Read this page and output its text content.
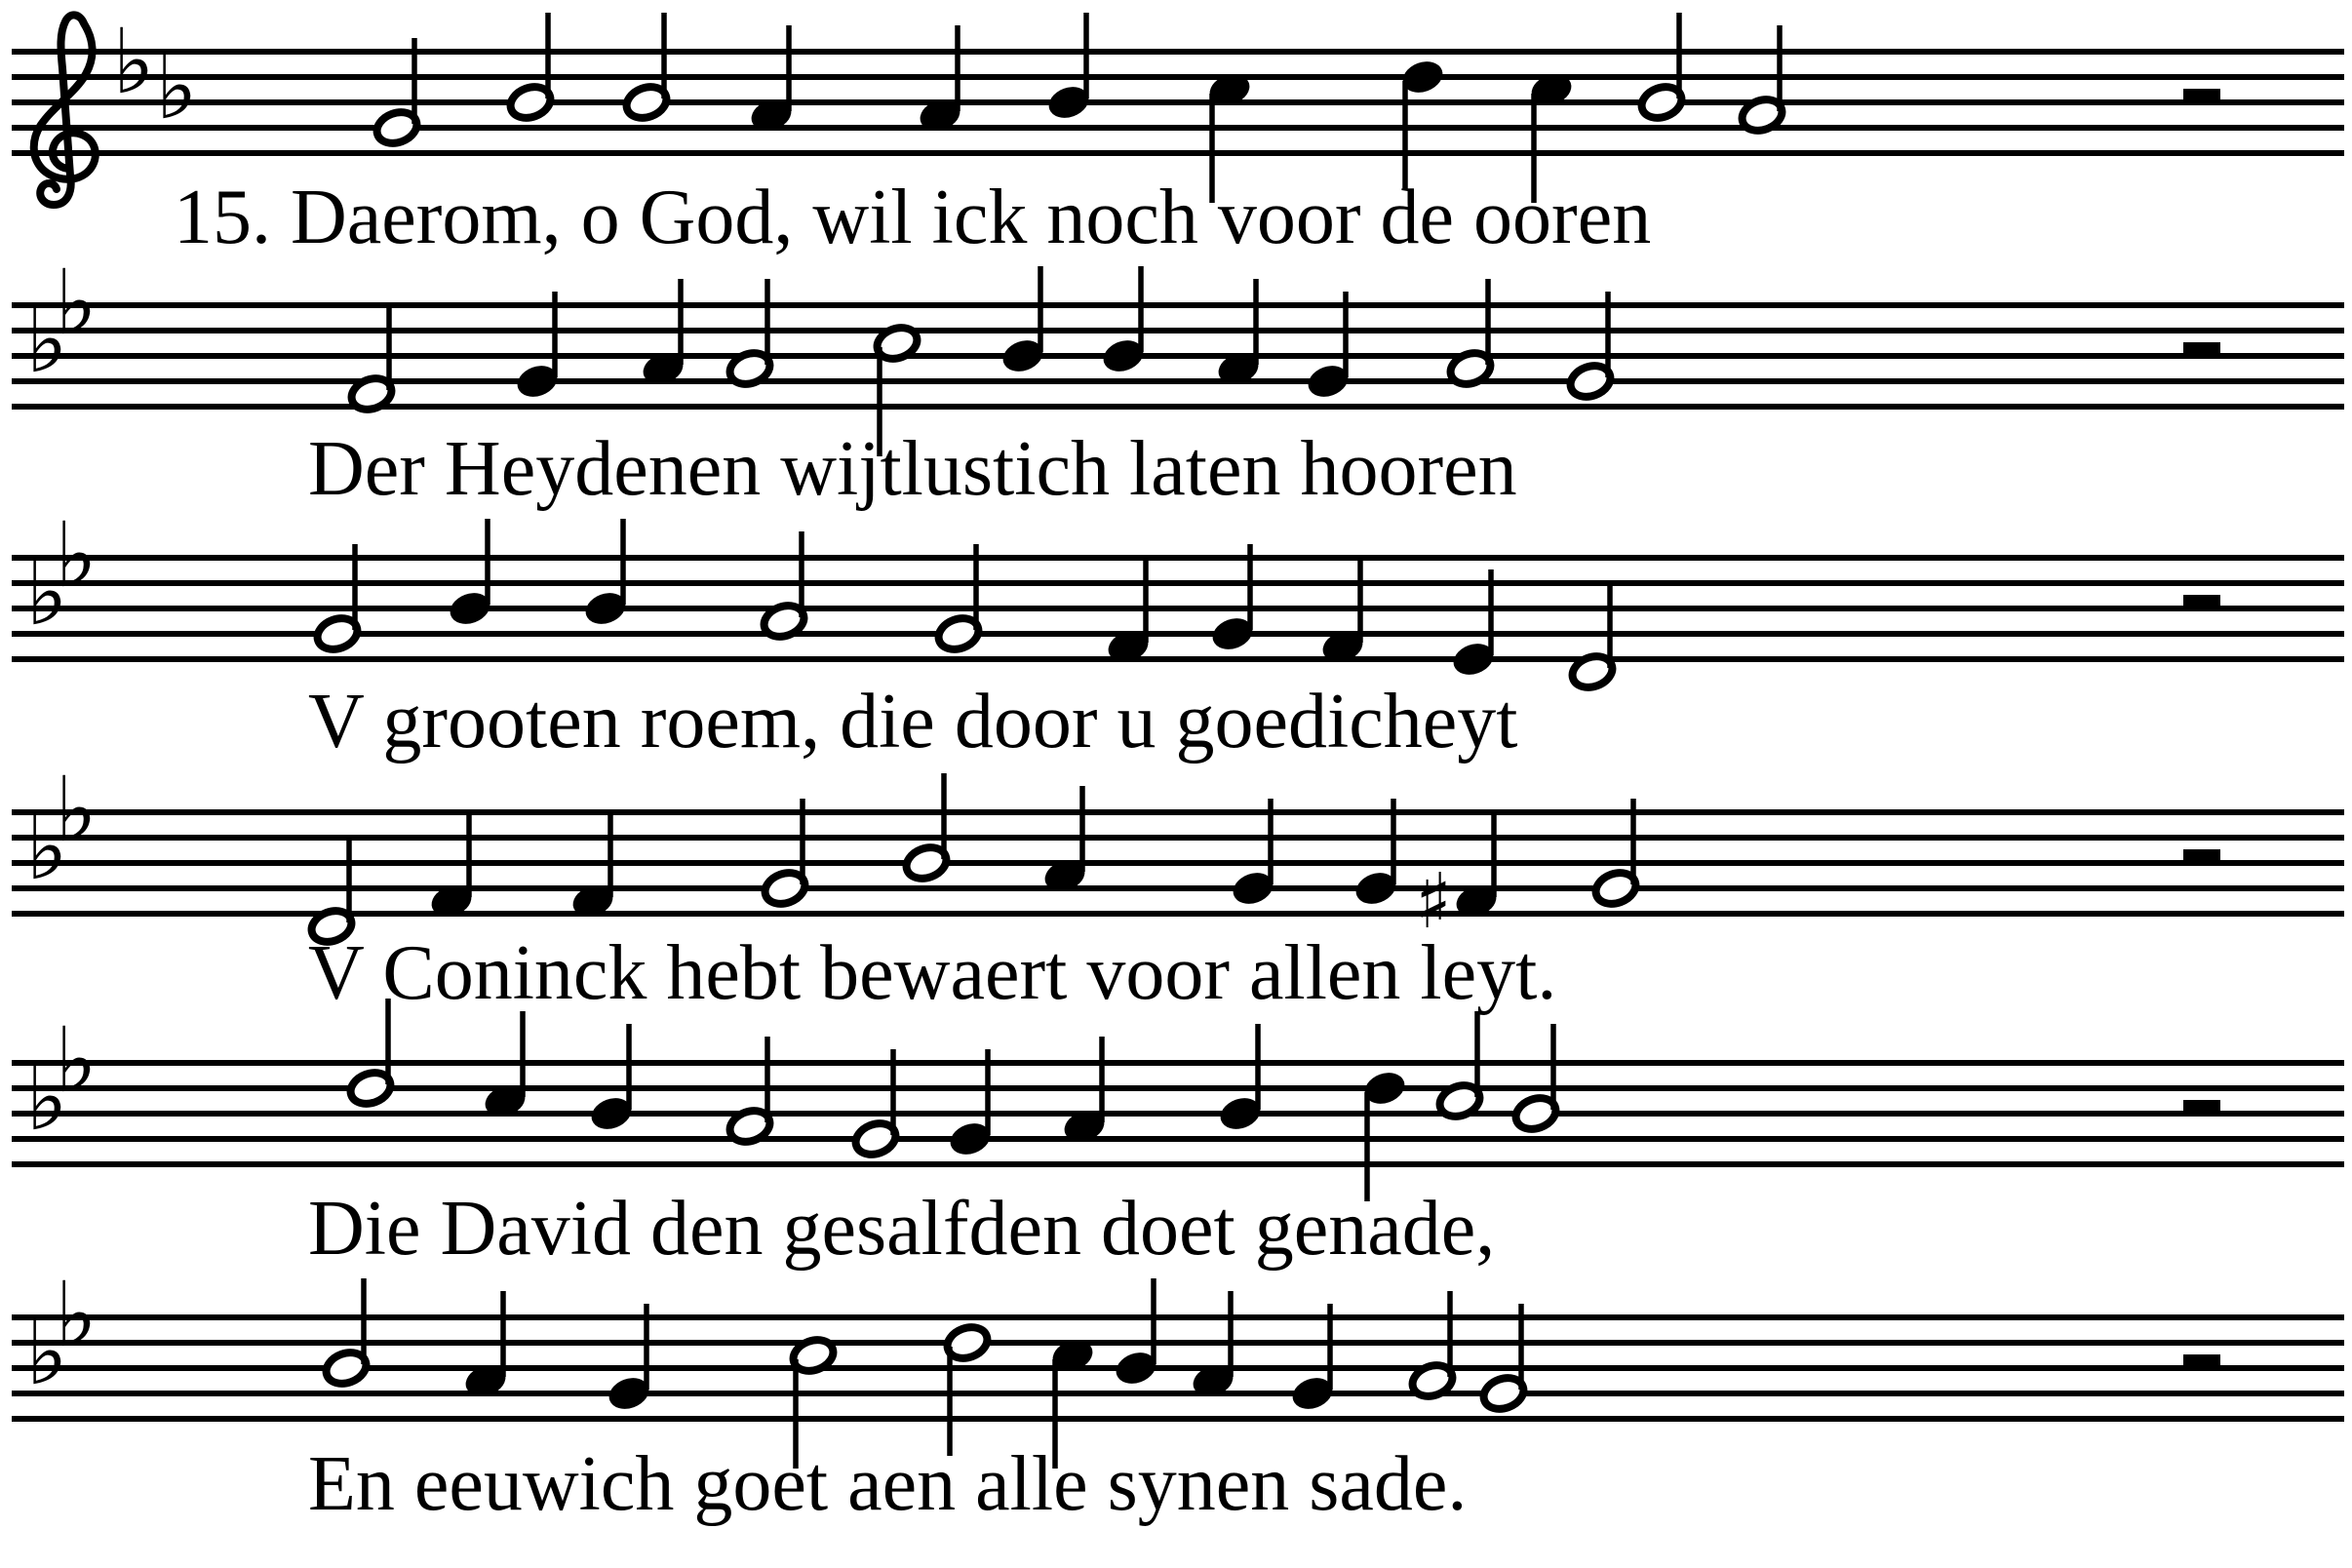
♭ ♭
♭
♭
♭
♭
♭
♭
♯
♭
♭
♭
♭
15. Daerom, o God, wil ick noch voor de ooren
Der Heydenen wijtlustich laten hooren
V grooten roem, die door u goedicheyt
V Coninck hebt bewaert voor allen leyt.
Die David den gesalfden doet genade,
En eeuwich goet aen alle synen sade.
